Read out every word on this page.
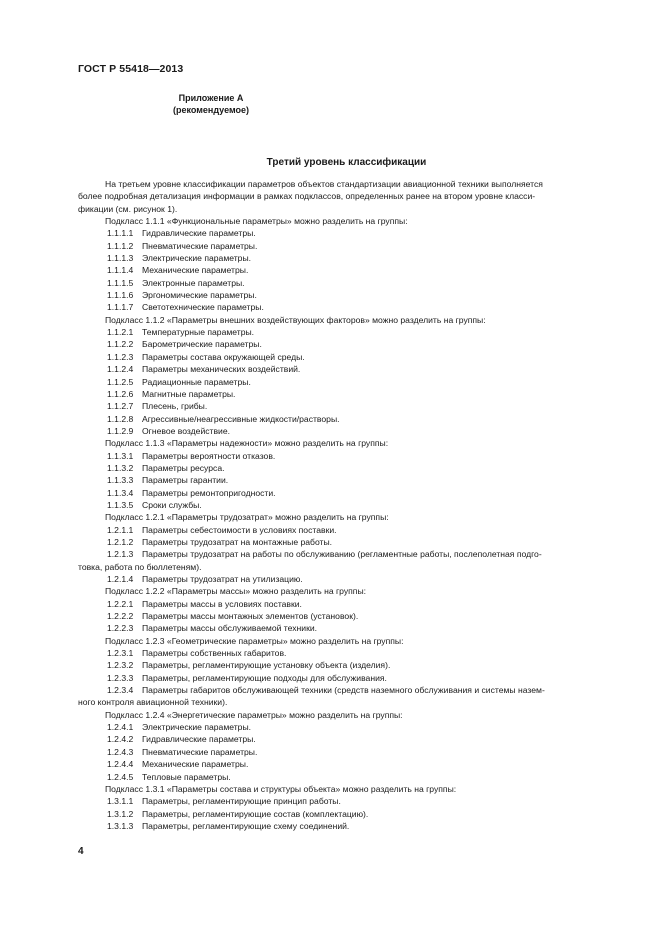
ГОСТ Р 55418—2013
Приложение А
(рекомендуемое)
Третий уровень классификации
На третьем уровне классификации параметров объектов стандартизации авиационной техники выполняется
более подробная детализация информации в рамках подклассов, определенных ранее на втором уровне класси-
фикации (см. рисунок 1).
Подкласс 1.1.1 «Функциональные параметры» можно разделить на группы:
1.1.1.1 Гидравлические параметры.
1.1.1.2 Пневматические параметры.
1.1.1.3 Электрические параметры.
1.1.1.4 Механические параметры.
1.1.1.5 Электронные параметры.
1.1.1.6 Эргономические параметры.
1.1.1.7 Светотехнические параметры.
Подкласс 1.1.2 «Параметры внешних воздействующих факторов» можно разделить на группы:
1.1.2.1 Температурные параметры.
1.1.2.2 Барометрические параметры.
1.1.2.3 Параметры состава окружающей среды.
1.1.2.4 Параметры механических воздействий.
1.1.2.5 Радиационные параметры.
1.1.2.6 Магнитные параметры.
1.1.2.7 Плесень, грибы.
1.1.2.8 Агрессивные/неагрессивные жидкости/растворы.
1.1.2.9 Огневое воздействие.
Подкласс 1.1.3 «Параметры надежности» можно разделить на группы:
1.1.3.1 Параметры вероятности отказов.
1.1.3.2 Параметры ресурса.
1.1.3.3 Параметры гарантии.
1.1.3.4 Параметры ремонтопригодности.
1.1.3.5 Сроки службы.
Подкласс 1.2.1 «Параметры трудозатрат» можно разделить на группы:
1.2.1.1 Параметры себестоимости в условиях поставки.
1.2.1.2 Параметры трудозатрат на монтажные работы.
1.2.1.3 Параметры трудозатрат на работы по обслуживанию (регламентные работы, послеполетная подго-
товка, работа по бюллетеням).
1.2.1.4 Параметры трудозатрат на утилизацию.
Подкласс 1.2.2 «Параметры массы» можно разделить на группы:
1.2.2.1 Параметры массы в условиях поставки.
1.2.2.2 Параметры массы монтажных элементов (установок).
1.2.2.3 Параметры массы обслуживаемой техники.
Подкласс 1.2.3 «Геометрические параметры» можно разделить на группы:
1.2.3.1 Параметры собственных габаритов.
1.2.3.2 Параметры, регламентирующие установку объекта (изделия).
1.2.3.3 Параметры, регламентирующие подходы для обслуживания.
1.2.3.4 Параметры габаритов обслуживающей техники (средств наземного обслуживания и системы назем-
ного контроля авиационной техники).
Подкласс 1.2.4 «Энергетические параметры» можно разделить на группы:
1.2.4.1 Электрические параметры.
1.2.4.2 Гидравлические параметры.
1.2.4.3 Пневматические параметры.
1.2.4.4 Механические параметры.
1.2.4.5 Тепловые параметры.
Подкласс 1.3.1 «Параметры состава и структуры объекта» можно разделить на группы:
1.3.1.1 Параметры, регламентирующие принцип работы.
1.3.1.2 Параметры, регламентирующие состав (комплектацию).
1.3.1.3 Параметры, регламентирующие схему соединений.
4
